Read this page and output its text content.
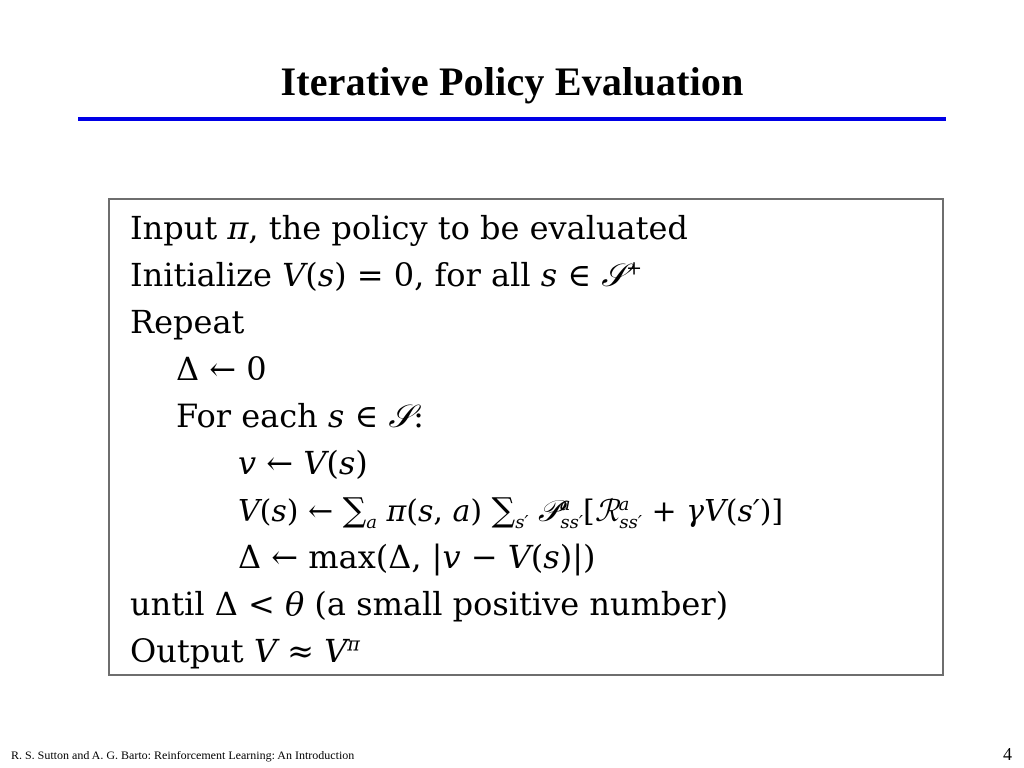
Iterative Policy Evaluation
Input π, the policy to be evaluated
Initialize V(s) = 0, for all s ∈ 𝒮+
Repeat
Δ ← 0
For each s ∈ 𝒮:
v ← V(s)
V(s) ← $\sum_a$ π(s, a) $\sum_{s'}$ 𝒫$^a_{ss'}$[ℛ$^a_{ss'}$ + γV(s′)]
Δ ← max(Δ, |v − V(s)|)
until Δ < θ (a small positive number)
Output $V \approx V^\pi$
R. S. Sutton and A. G. Barto: Reinforcement Learning: An Introduction	4
